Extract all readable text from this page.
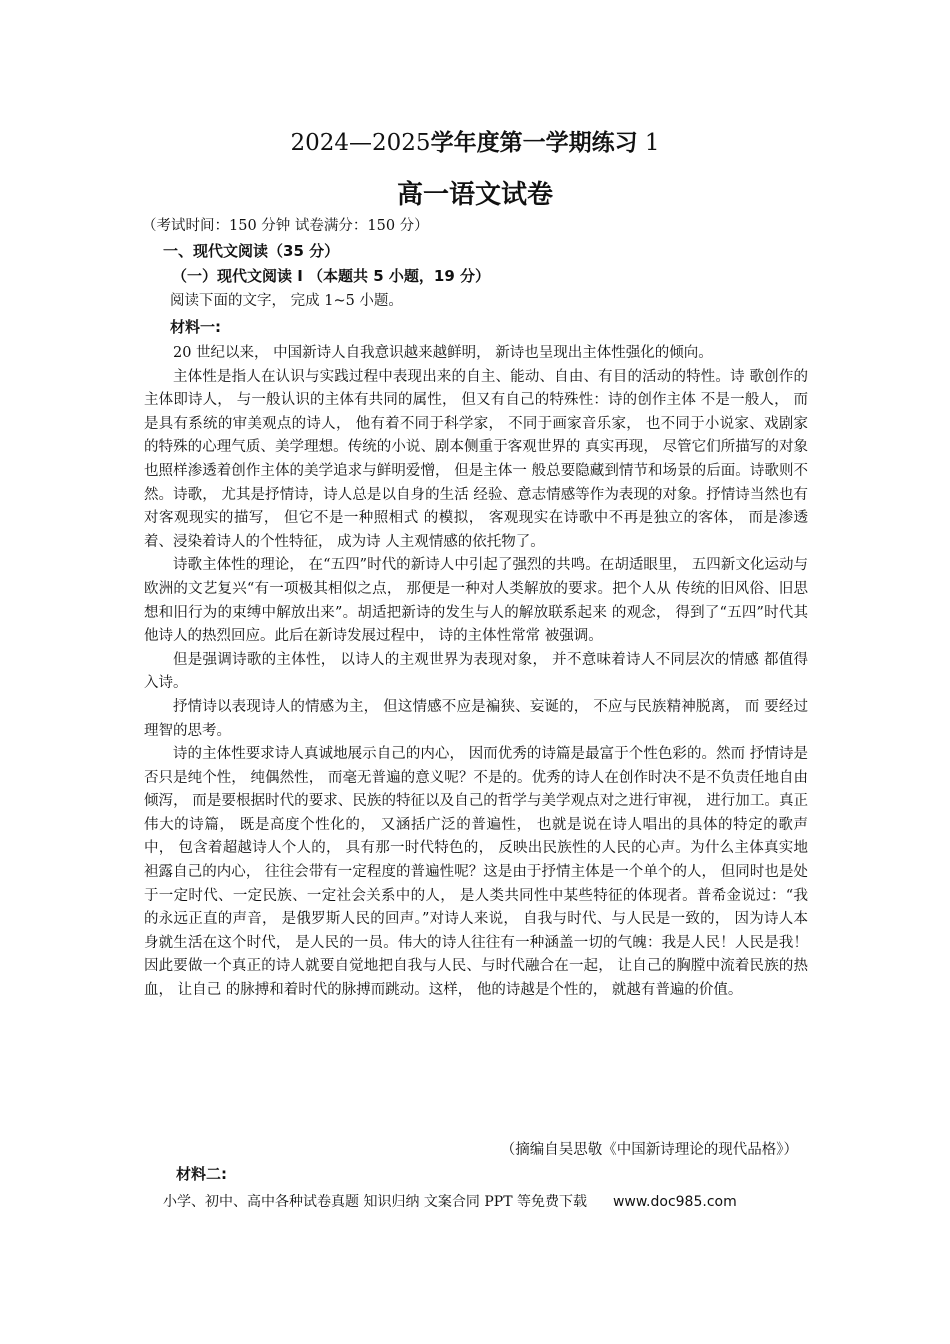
2024—2025学年度第一学期练习 1
高一语文试卷
（考试时间：150 分钟 试卷满分：150 分）
一、现代文阅读（35 分）
（一）现代文阅读 I （本题共 5 小题，19 分）
阅读下面的文字， 完成 1~5 小题。
材料一:

20 世纪以来， 中国新诗人自我意识越来越鲜明， 新诗也呈现出主体性强化的倾向。

主体性是指人在认识与实践过程中表现出来的自主、能动、自由、有目的活动的特性。诗 歌创作的主体即诗人， 与一般认识的主体有共同的属性， 但又有自己的特殊性：诗的创作主体 不是一般人， 而是具有系统的审美观点的诗人， 他有着不同于科学家， 不同于画家音乐家， 也不同于小说家、戏剧家的特殊的心理气质、美学理想。传统的小说、剧本侧重于客观世界的 真实再现， 尽管它们所描写的对象也照样渗透着创作主体的美学追求与鲜明爱憎， 但是主体一 般总要隐藏到情节和场景的后面。诗歌则不然。诗歌， 尤其是抒情诗，诗人总是以自身的生活 经验、意志情感等作为表现的对象。抒情诗当然也有对客观现实的描写， 但它不是一种照相式 的模拟， 客观现实在诗歌中不再是独立的客体， 而是渗透着、浸染着诗人的个性特征， 成为诗 人主观情感的依托物了。

诗歌主体性的理论， 在“五四”时代的新诗人中引起了强烈的共鸣。在胡适眼里， 五四新文化运动与欧洲的文艺复兴“有一项极其相似之点， 那便是一种对人类解放的要求。把个人从 传统的旧风俗、旧思想和旧行为的束缚中解放出来”。胡适把新诗的发生与人的解放联系起来 的观念， 得到了“五四”时代其他诗人的热烈回应。此后在新诗发展过程中， 诗的主体性常常 被强调。

但是强调诗歌的主体性， 以诗人的主观世界为表现对象， 并不意味着诗人不同层次的情感 都值得入诗。

抒情诗以表现诗人的情感为主， 但这情感不应是褊狭、妄诞的， 不应与民族精神脱离， 而 要经过理智的思考。

诗的主体性要求诗人真诚地展示自己的内心， 因而优秀的诗篇是最富于个性色彩的。然而 抒情诗是否只是纯个性， 纯偶然性， 而毫无普遍的意义呢？不是的。优秀的诗人在创作时决不是不负责任地自由倾泻， 而是要根据时代的要求、民族的特征以及自己的哲学与美学观点对之进行审视， 进行加工。真正伟大的诗篇， 既是高度个性化的， 又涵括广泛的普遍性， 也就是说在诗人唱出的具体的特定的歌声中， 包含着超越诗人个人的， 具有那一时代特色的， 反映出民族性的人民的心声。为什么主体真实地袒露自己的内心， 往往会带有一定程度的普遍性呢？这是由于抒情主体是一个单个的人， 但同时也是处于一定时代、一定民族、一定社会关系中的人， 是人类共同性中某些特征的体现者。普希金说过：“我的永远正直的声音， 是俄罗斯人民的回声。”对诗人来说， 自我与时代、与人民是一致的， 因为诗人本身就生活在这个时代， 是人民的一员。伟大的诗人往往有一种涵盖一切的气魄：我是人民！人民是我！因此要做一个真正的诗人就要自觉地把自我与人民、与时代融合在一起， 让自己的胸膛中流着民族的热血， 让自己 的脉搏和着时代的脉搏而跳动。这样， 他的诗越是个性的， 就越有普遍的价值。

（摘编自吴思敬《中国新诗理论的现代品格》）
材料二:
小学、初中、高中各种试卷真题 知识归纳 文案合同 PPT 等免费下载 www.doc985.com
